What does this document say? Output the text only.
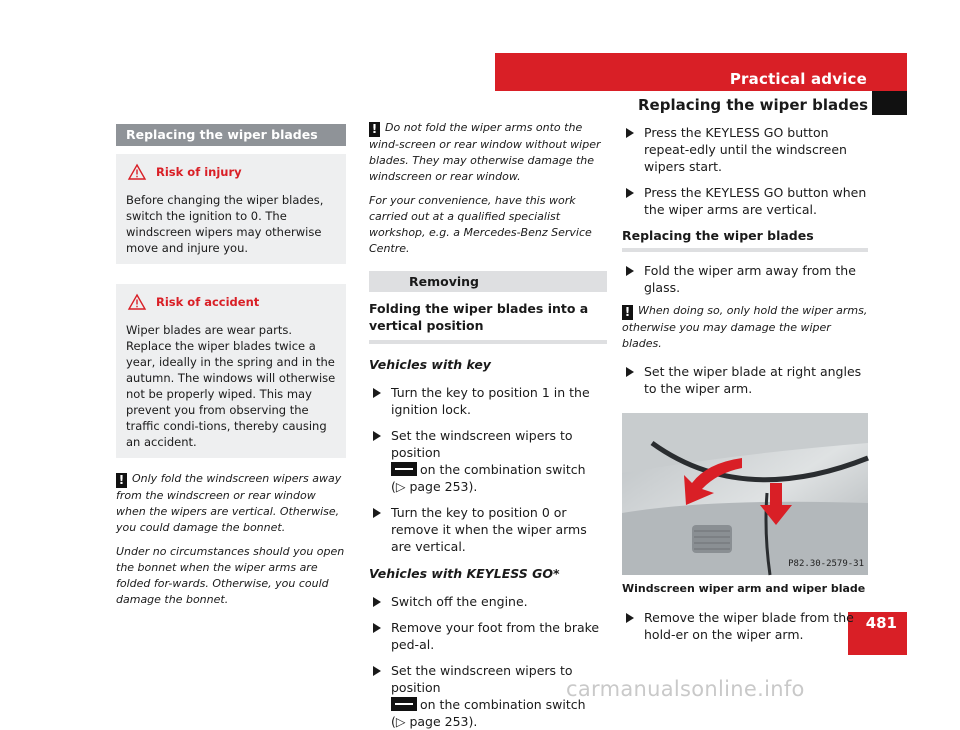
Practical advice
Replacing the wiper blades
481
Replacing the wiper blades
Risk of injury

Before changing the wiper blades, switch the ignition to 0. The windscreen wipers may otherwise move and injure you.

Risk of accident

Wiper blades are wear parts. Replace the wiper blades twice a year, ideally in the spring and in the autumn. The windows will otherwise not be properly wiped. This may prevent you from observing the traffic condi-tions, thereby causing an accident.

! Only fold the windscreen wipers away from the windscreen or rear window when the wipers are vertical. Otherwise, you could damage the bonnet.

Under no circumstances should you open the bonnet when the wiper arms are folded for-wards. Otherwise, you could damage the bonnet.

! Do not fold the wiper arms onto the wind-screen or rear window without wiper blades. They may otherwise damage the windscreen or rear window.

For your convenience, have this work carried out at a qualified specialist workshop, e.g. a Mercedes-Benz Service Centre.

Removing
Folding the wiper blades into a vertical position
Vehicles with key
Turn the key to position 1 in the ignition lock.
Set the windscreen wipers to position
on the combination switch
(▷ page 253).
Turn the key to position 0 or remove it when the wiper arms are vertical.
Vehicles with KEYLESS GO*
Switch off the engine.
Remove your foot from the brake ped-al.
Set the windscreen wipers to position
on the combination switch
(▷ page 253).
Press the KEYLESS GO button repeat-edly until the windscreen wipers start.
Press the KEYLESS GO button when the wiper arms are vertical.
Replacing the wiper blades
Fold the wiper arm away from the glass.

! When doing so, only hold the wiper arms, otherwise you may damage the wiper blades.

Set the wiper blade at right angles to the wiper arm.
P82.30-2579-31
Windscreen wiper arm and wiper blade
Remove the wiper blade from the hold-er on the wiper arm.
carmanualsonline.info
